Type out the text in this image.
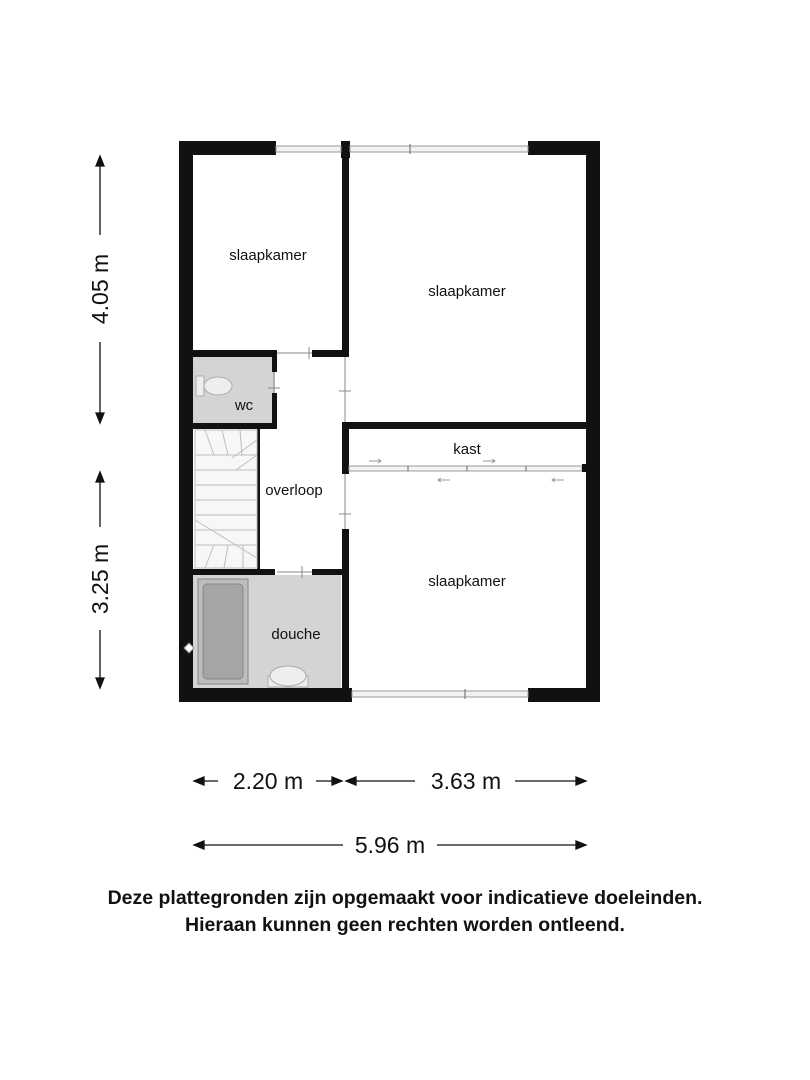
slaapkamer
slaapkamer
wc
kast
overloop
slaapkamer
douche
4.05 m
3.25 m
2.20 m	3.63 m
5.96 m
Deze plattegronden zijn opgemaakt voor indicatieve doeleinden.
Hieraan kunnen geen rechten worden ontleend.
